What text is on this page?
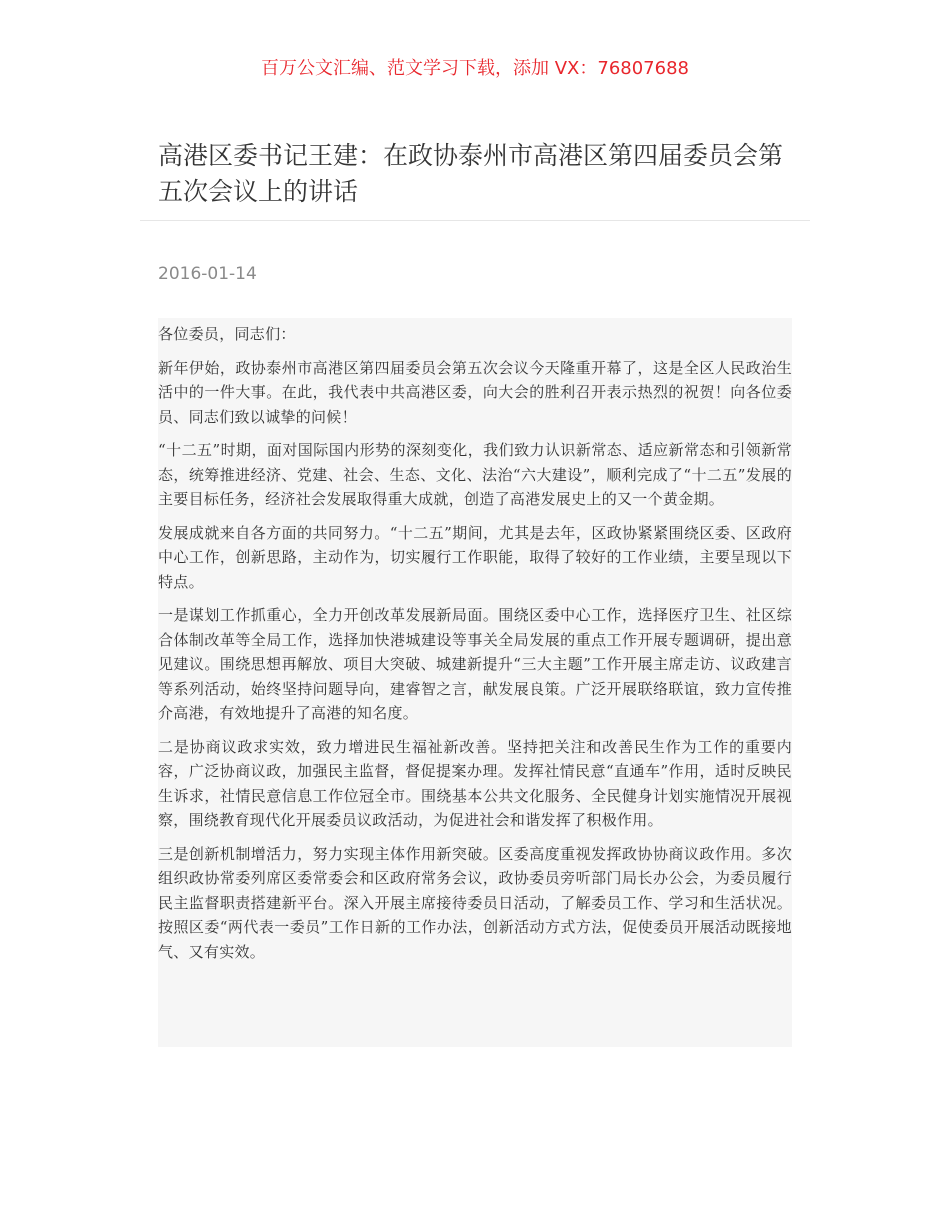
百万公文汇编、范文学习下载，添加 VX：76807688
高港区委书记王建：在政协泰州市高港区第四届委员会第五次会议上的讲话
2016-01-14

各位委员，同志们：

新年伊始，政协泰州市高港区第四届委员会第五次会议今天隆重开幕了，这是全区人民政治生活中的一件大事。在此，我代表中共高港区委，向大会的胜利召开表示热烈的祝贺！向各位委员、同志们致以诚挚的问候！

“十二五”时期，面对国际国内形势的深刻变化，我们致力认识新常态、适应新常态和引领新常态，统筹推进经济、党建、社会、生态、文化、法治“六大建设”，顺利完成了“十二五”发展的主要目标任务，经济社会发展取得重大成就，创造了高港发展史上的又一个黄金期。

发展成就来自各方面的共同努力。“十二五”期间，尤其是去年，区政协紧紧围绕区委、区政府中心工作，创新思路，主动作为，切实履行工作职能，取得了较好的工作业绩，主要呈现以下特点。

一是谋划工作抓重心，全力开创改革发展新局面。围绕区委中心工作，选择医疗卫生、社区综合体制改革等全局工作，选择加快港城建设等事关全局发展的重点工作开展专题调研，提出意见建议。围绕思想再解放、项目大突破、城建新提升“三大主题”工作开展主席走访、议政建言等系列活动，始终坚持问题导向，建睿智之言，献发展良策。广泛开展联络联谊，致力宣传推介高港，有效地提升了高港的知名度。

二是协商议政求实效，致力增进民生福祉新改善。坚持把关注和改善民生作为工作的重要内容，广泛协商议政，加强民主监督，督促提案办理。发挥社情民意“直通车”作用，适时反映民生诉求，社情民意信息工作位冠全市。围绕基本公共文化服务、全民健身计划实施情况开展视察，围绕教育现代化开展委员议政活动，为促进社会和谐发挥了积极作用。

三是创新机制增活力，努力实现主体作用新突破。区委高度重视发挥政协协商议政作用。多次组织政协常委列席区委常委会和区政府常务会议，政协委员旁听部门局长办公会，为委员履行民主监督职责搭建新平台。深入开展主席接待委员日活动，了解委员工作、学习和生活状况。按照区委“两代表一委员”工作日新的工作办法，创新活动方式方法，促使委员开展活动既接地气、又有实效。
